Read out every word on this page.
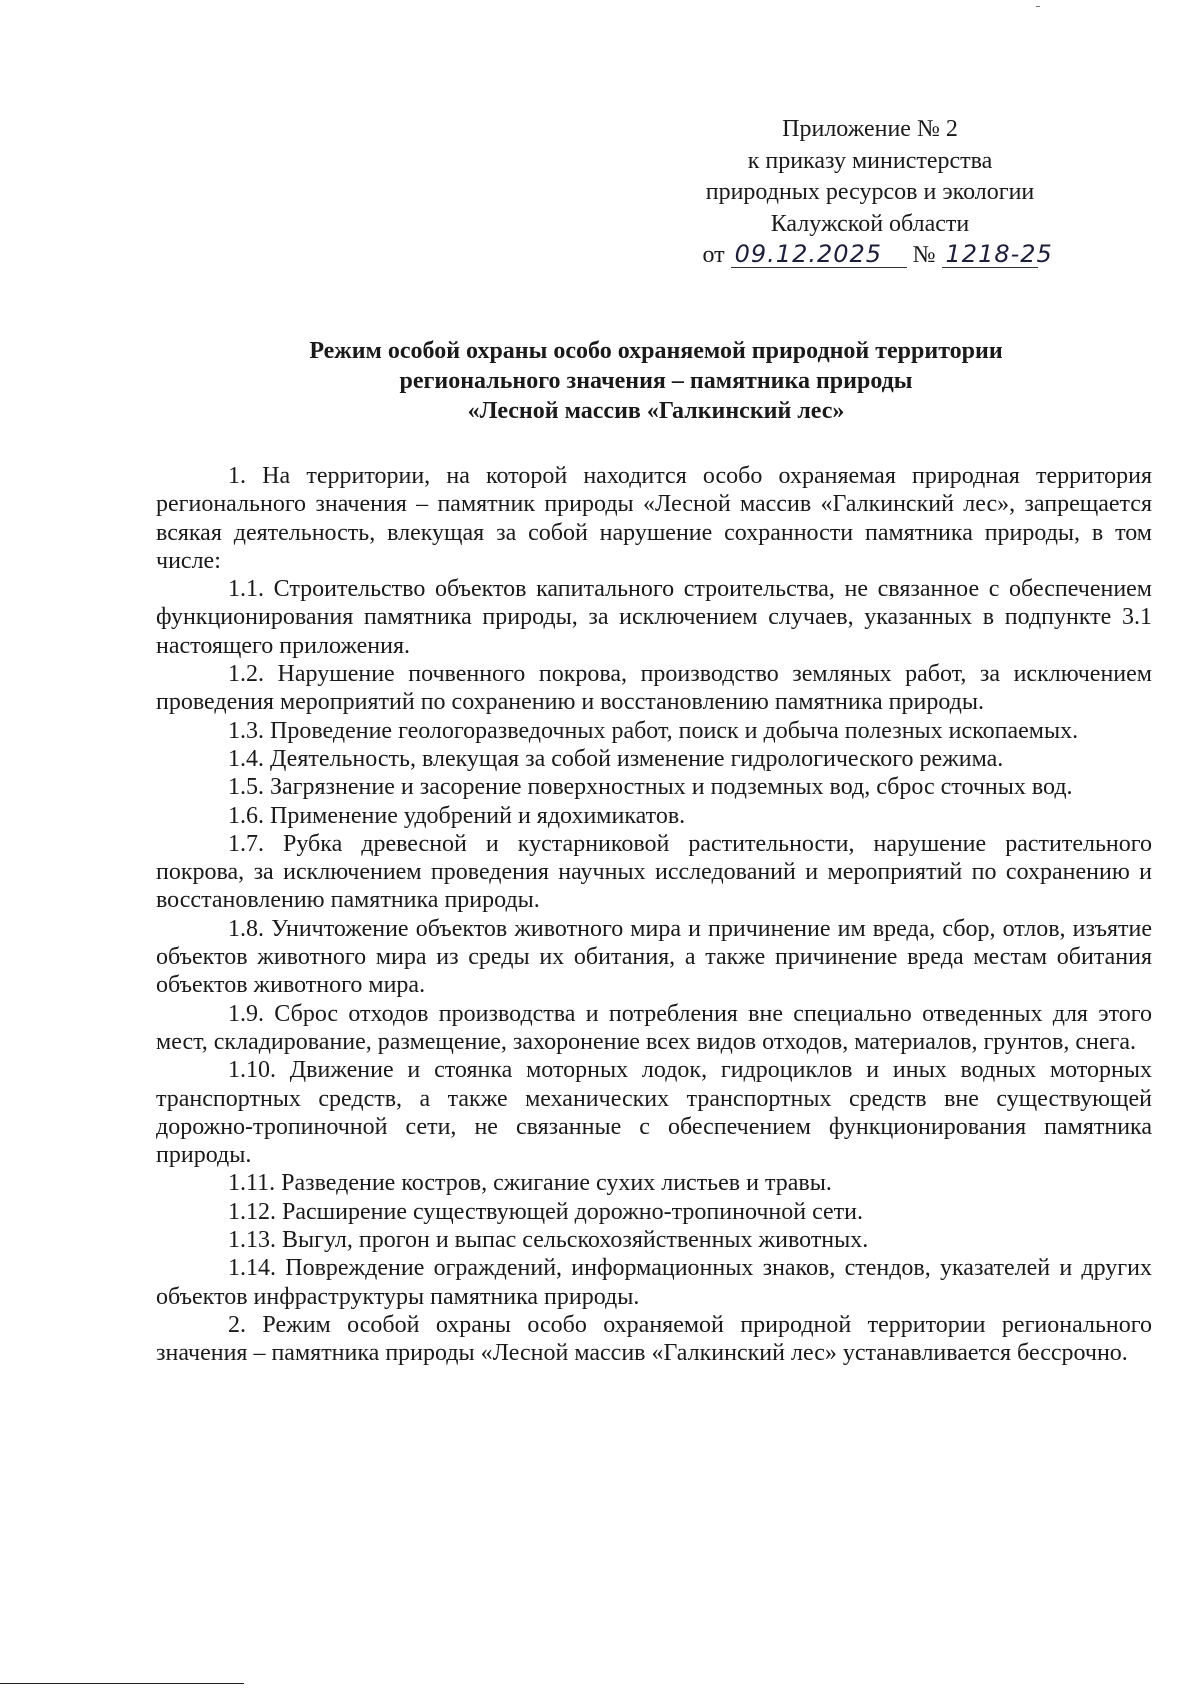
Приложение № 2
к приказу министерства
природных ресурсов и экологии
Калужской области
от 09.12.2025 № 1218-25
Режим особой охраны особо охраняемой природной территории
регионального значения – памятника природы
«Лесной массив «Галкинский лес»

1. На территории, на которой находится особо охраняемая природная территория регионального значения – памятник природы «Лесной массив «Галкинский лес», запрещается всякая деятельность, влекущая за собой нарушение сохранности памятника природы, в том числе:

1.1. Строительство объектов капитального строительства, не связанное с обеспечением функционирования памятника природы, за исключением случаев, указанных в подпункте 3.1 настоящего приложения.

1.2. Нарушение почвенного покрова, производство земляных работ, за исключением проведения мероприятий по сохранению и восстановлению памятника природы.

1.3. Проведение геологоразведочных работ, поиск и добыча полезных ископаемых.

1.4. Деятельность, влекущая за собой изменение гидрологического режима.

1.5. Загрязнение и засорение поверхностных и подземных вод, сброс сточных вод.

1.6. Применение удобрений и ядохимикатов.

1.7. Рубка древесной и кустарниковой растительности, нарушение растительного покрова, за исключением проведения научных исследований и мероприятий по сохранению и восстановлению памятника природы.

1.8. Уничтожение объектов животного мира и причинение им вреда, сбор, отлов, изъятие объектов животного мира из среды их обитания, а также причинение вреда местам обитания объектов животного мира.

1.9. Сброс отходов производства и потребления вне специально отведенных для этого мест, складирование, размещение, захоронение всех видов отходов, материалов, грунтов, снега.

1.10. Движение и стоянка моторных лодок, гидроциклов и иных водных моторных транспортных средств, а также механических транспортных средств вне существующей дорожно-тропиночной сети, не связанные с обеспечением функционирования памятника природы.

1.11. Разведение костров, сжигание сухих листьев и травы.

1.12. Расширение существующей дорожно-тропиночной сети.

1.13. Выгул, прогон и выпас сельскохозяйственных животных.

1.14. Повреждение ограждений, информационных знаков, стендов, указателей и других объектов инфраструктуры памятника природы.

2. Режим особой охраны особо охраняемой природной территории регионального значения – памятника природы «Лесной массив «Галкинский лес» устанавливается бессрочно.
